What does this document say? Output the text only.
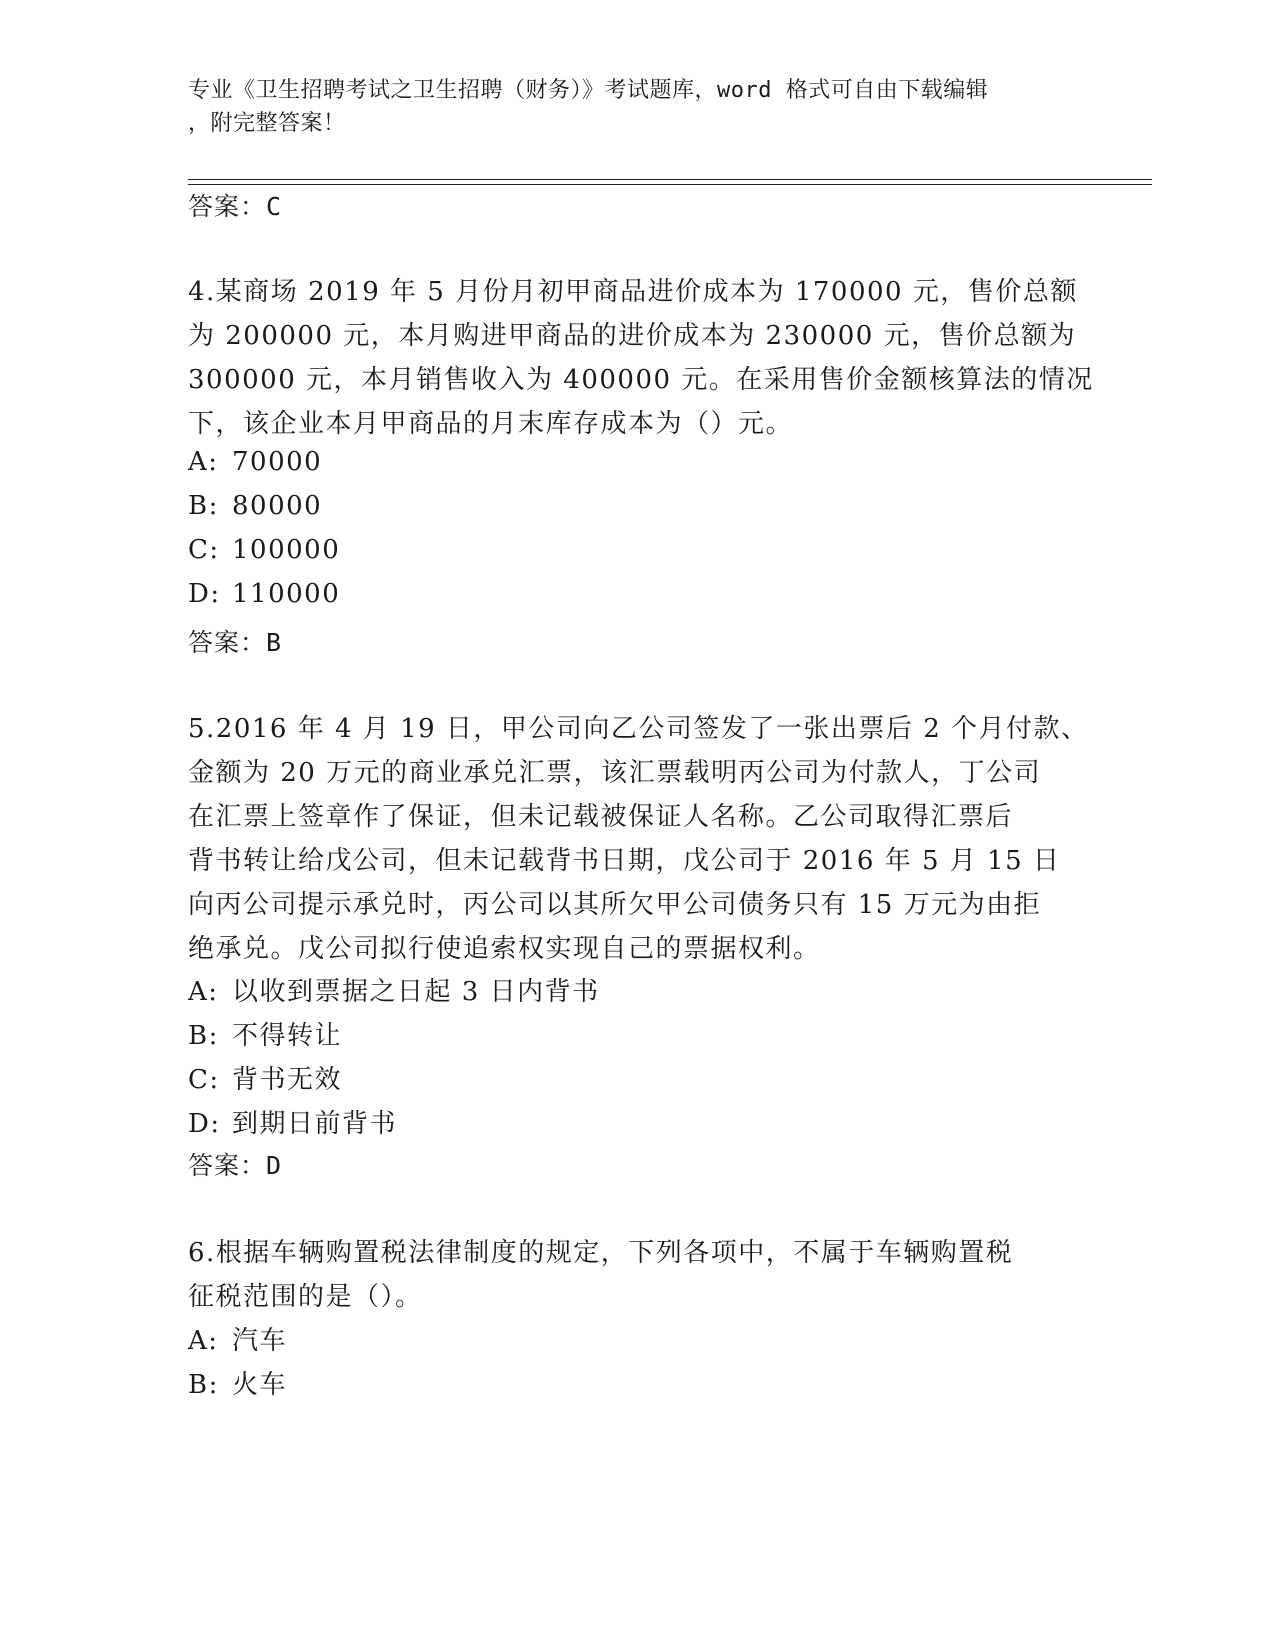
专业《卫生招聘考试之卫生招聘（财务）》考试题库，word 格式可自由下载编辑
，附完整答案！
答案：C
4.某商场 2019 年 5 月份月初甲商品进价成本为 170000 元，售价总额
为 200000 元，本月购进甲商品的进价成本为 230000 元，售价总额为
300000 元，本月销售收入为 400000 元。在采用售价金额核算法的情况
下，该企业本月甲商品的月末库存成本为（）元。
A: 70000
B: 80000
C: 100000
D: 110000
答案：B
5.2016 年 4 月 19 日，甲公司向乙公司签发了一张出票后 2 个月付款、
金额为 20 万元的商业承兑汇票，该汇票载明丙公司为付款人，丁公司
在汇票上签章作了保证，但未记载被保证人名称。乙公司取得汇票后
背书转让给戊公司，但未记载背书日期，戊公司于 2016 年 5 月 15 日
向丙公司提示承兑时，丙公司以其所欠甲公司债务只有 15 万元为由拒
绝承兑。戊公司拟行使追索权实现自己的票据权利。
A: 以收到票据之日起 3 日内背书
B: 不得转让
C: 背书无效
D: 到期日前背书
答案：D
6.根据车辆购置税法律制度的规定，下列各项中，不属于车辆购置税
征税范围的是（）。
A: 汽车
B: 火车
